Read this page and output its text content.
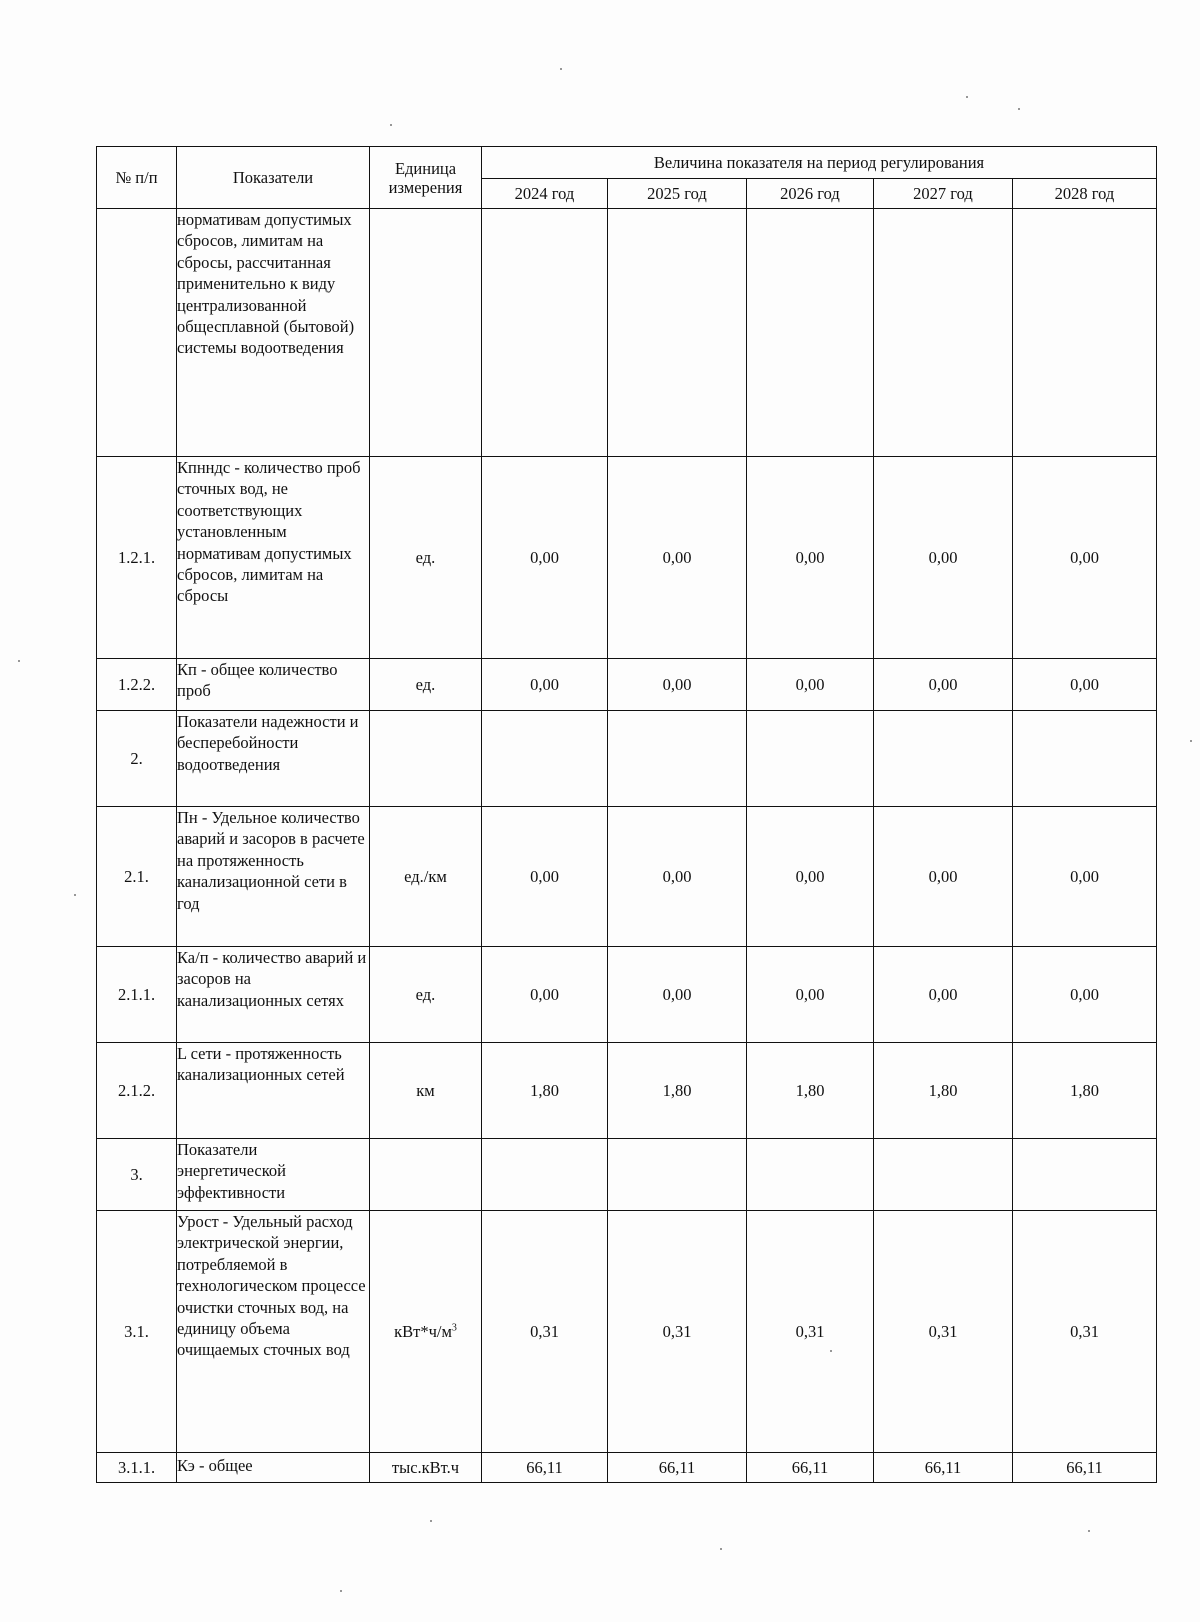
№ п/п	Показатели	Единица измерения	Величина показателя на период регулирования				
			2024 год	2025 год	2026 год	2027 год	2028 год
	нормативам допустимых сбросов, лимитам на сбросы, рассчитанная применительно к виду централизованной общесплавной (бытовой) системы водоотведения						
1.2.1.	Кпнндс - количество проб сточных вод, не соответствующих установленным нормативам допустимых сбросов, лимитам на сбросы	ед.	0,00	0,00	0,00	0,00	0,00
1.2.2.	Кп - общее количество проб	ед.	0,00	0,00	0,00	0,00	0,00
2.	Показатели надежности и бесперебойности водоотведения						
2.1.	Пн - Удельное количество аварий и засоров в расчете на протяженность канализационной сети в год	ед./км	0,00	0,00	0,00	0,00	0,00
2.1.1.	Ка/п - количество аварий и засоров на канализационных сетях	ед.	0,00	0,00	0,00	0,00	0,00
2.1.2.	L сети - протяженность канализационных сетей	км	1,80	1,80	1,80	1,80	1,80
3.	Показатели энергетической эффективности						
3.1.	Урост - Удельный расход электрической энергии, потребляемой в технологическом процессе очистки сточных вод, на единицу объема очищаемых сточных вод	$кВт*ч/м^3$	0,31	0,31	0,31	0,31	0,31
3.1.1.	Кэ - общее	тыс.кВт.ч	66,11	66,11	66,11	66,11	66,11
